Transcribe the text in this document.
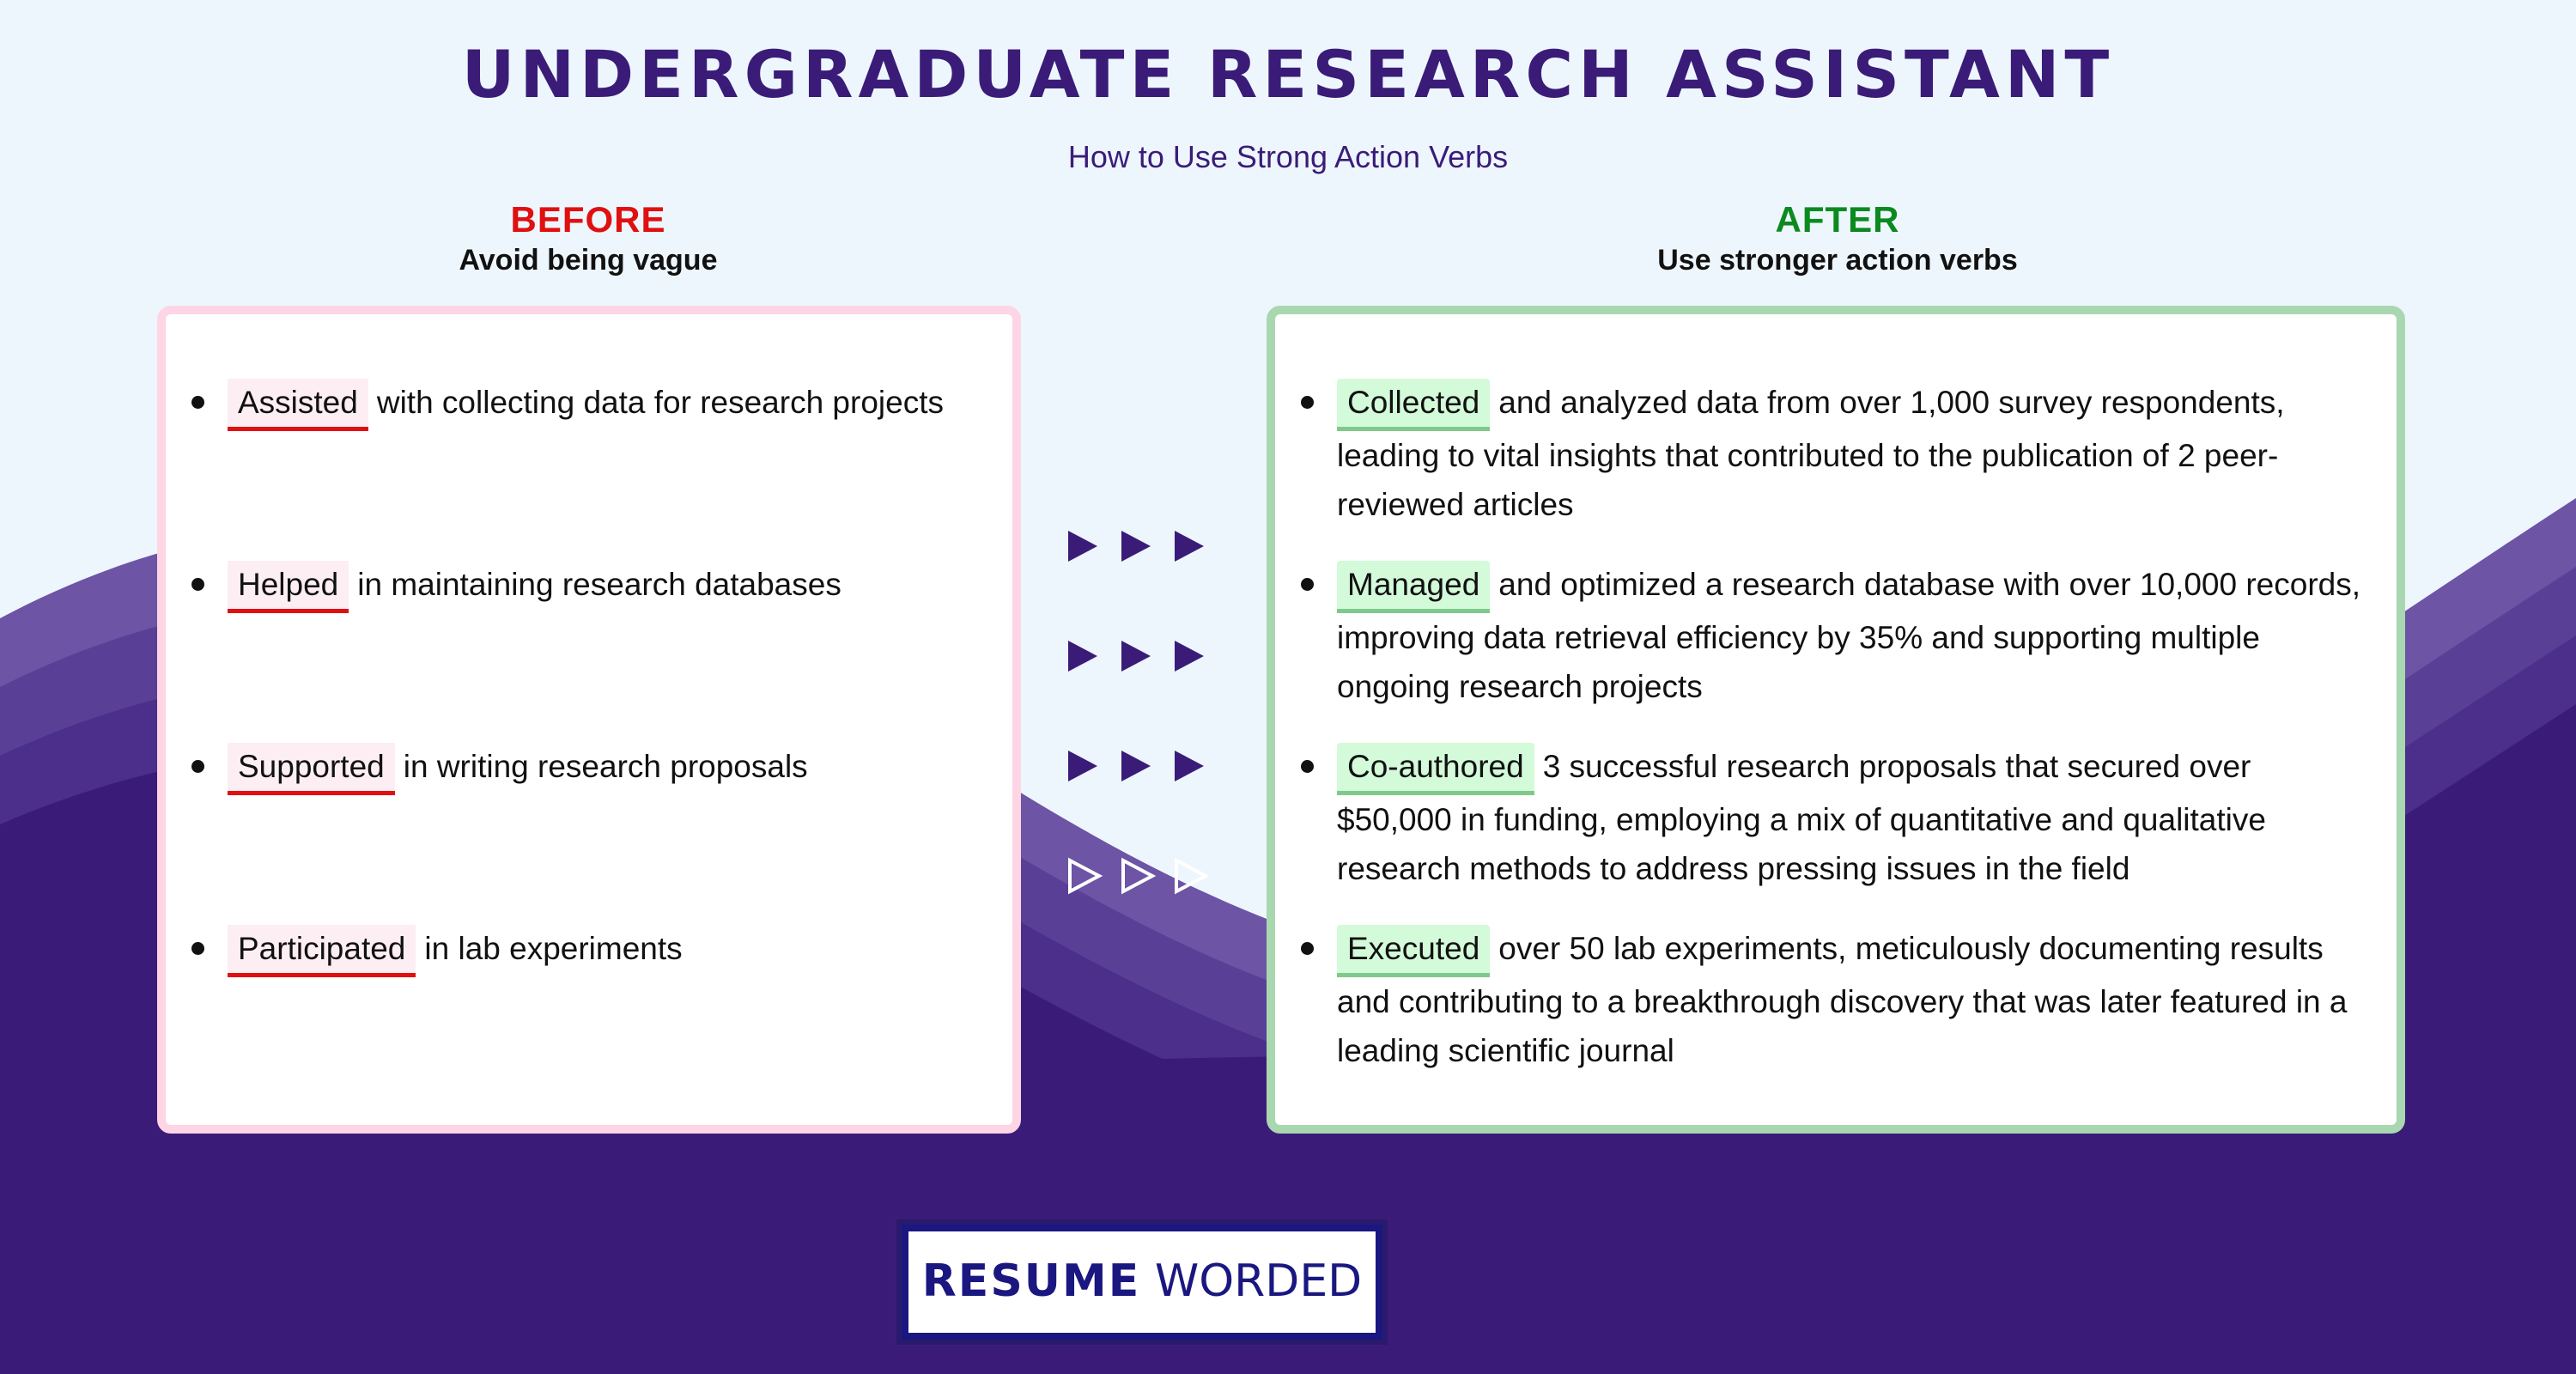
UNDERGRADUATE RESEARCH ASSISTANT
How to Use Strong Action Verbs
BEFORE
Avoid being vague
AFTER
Use stronger action verbs
Assisted with collecting data for research projects
Helped in maintaining research databases
Supported in writing research proposals
Participated in lab experiments
Collected and analyzed data from over 1,000 survey respondents, leading to vital insights that contributed to the publication of 2 peer-reviewed articles
Managed and optimized a research database with over 10,000 records, improving data retrieval efficiency by 35% and supporting multiple ongoing research projects
Co-authored 3 successful research proposals that secured over $50,000 in funding, employing a mix of quantitative and qualitative research methods to address pressing issues in the field
Executed over 50 lab experiments, meticulously documenting results and contributing to a breakthrough discovery that was later featured in a leading scientific journal
RESUME WORDED
